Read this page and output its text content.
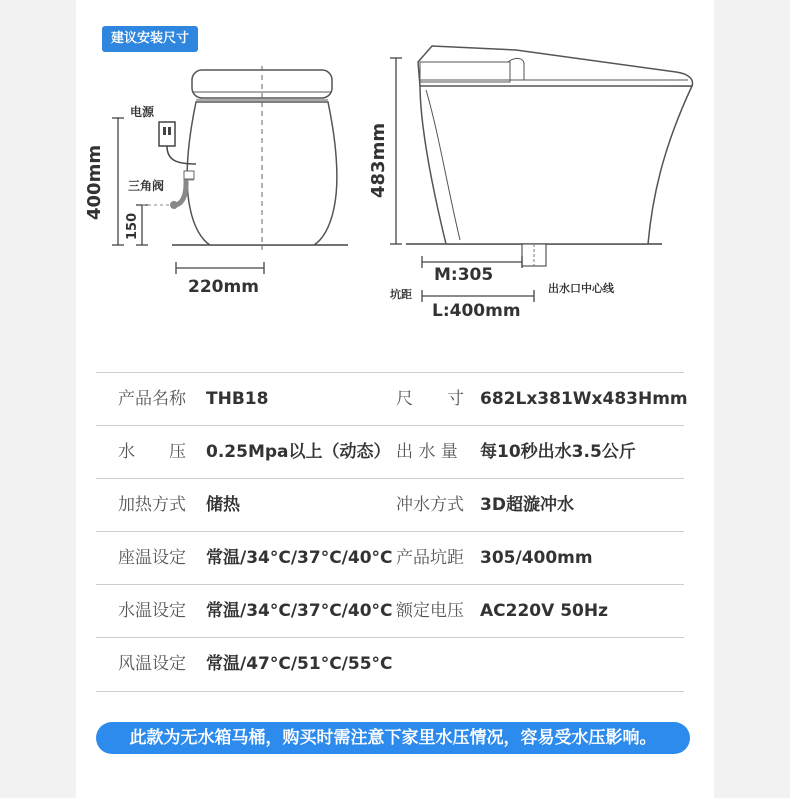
建议安装尺寸
电源
三角阀
400mm
150
220mm
483mm
M:305
坑距
L:400mm
出水口中心线
产品名称 THB18	尺　　寸 682Lx381Wx483Hmm
水　　压 0.25Mpa以上（动态） 出 水 量 每10秒出水3.5公斤
加热方式 储热	冲水方式 3D超漩冲水
座温设定 常温/34°C/37°C/40°C 产品坑距 305/400mm
水温设定 常温/34°C/37°C/40°C 额定电压 AC220V 50Hz
风温设定 常温/47°C/51°C/55°C
此款为无水箱马桶，购买时需注意下家里水压情况，容易受水压影响。
